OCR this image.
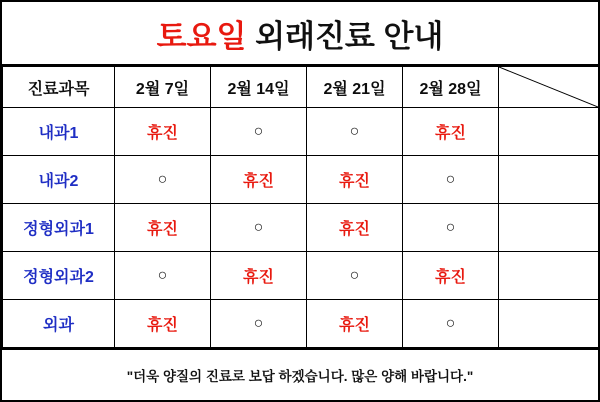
토요일 외래진료 안내
진료과목	2월 7일	2월 14일	2월 21일	2월 28일	

내과1	휴진	○	○	휴진	
내과2	○	휴진	휴진	○	
정형외과1	휴진	○	휴진	○	
정형외과2	○	휴진	○	휴진	
외과	휴진	○	휴진	○	
"더욱 양질의 진료로 보답 하겠습니다. 많은 양해 바랍니다."
